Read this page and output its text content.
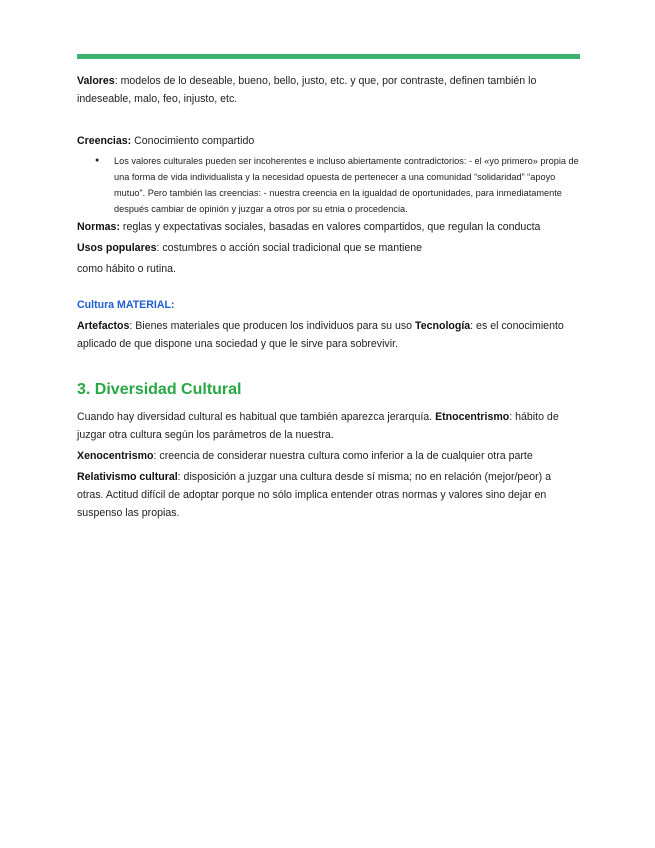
Valores: modelos de lo deseable, bueno, bello, justo, etc. y que, por contraste, definen también lo indeseable, malo, feo, injusto, etc.

Creencias: Conocimiento compartido

● Los valores culturales pueden ser incoherentes e incluso abiertamente contradictorios: - el «yo primero» propia de una forma de vida individualista y la necesidad opuesta de pertenecer a una comunidad “solidaridad” “apoyo mutuo”. Pero también las creencias: - nuestra creencia en la igualdad de oportunidades, para inmediatamente después cambiar de opinión y juzgar a otros por su etnia o procedencia.

Normas: reglas y expectativas sociales, basadas en valores compartidos, que regulan la conducta

Usos populares: costumbres o acción social tradicional que se mantiene

como hábito o rutina.

Cultura MATERIAL:

Artefactos: Bienes materiales que producen los individuos para su uso Tecnología: es el conocimiento aplicado de que dispone una sociedad y que le sirve para sobrevivir.

3. Diversidad Cultural

Cuando hay diversidad cultural es habitual que también aparezca jerarquía. Etnocentrismo: hábito de juzgar otra cultura según los parámetros de la nuestra.

Xenocentrismo: creencia de considerar nuestra cultura como inferior a la de cualquier otra parte

Relativismo cultural: disposición a juzgar una cultura desde sí misma; no en relación (mejor/peor) a otras. Actitud difícil de adoptar porque no sólo implica entender otras normas y valores sino dejar en suspenso las propias.
